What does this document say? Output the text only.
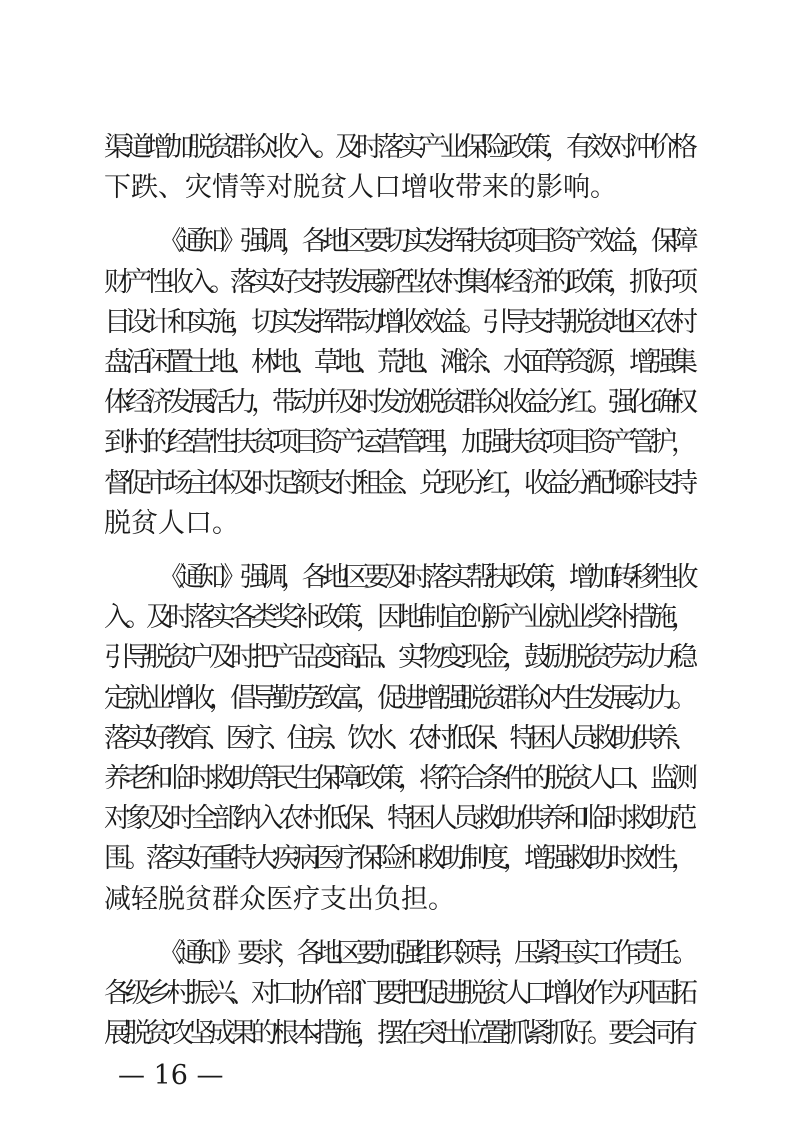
渠道增加脱贫群众收入。及时落实产业保险政策，有效对冲价格
下跌、灾情等对脱贫人口增收带来的影响。
《通知》强调，各地区要切实发挥扶贫项目资产效益，保障
财产性收入。落实好支持发展新型农村集体经济的政策，抓好项
目设计和实施，切实发挥带动增收效益。引导支持脱贫地区农村
盘活闲置土地、林地、草地、荒地、滩涂、水面等资源，增强集
体经济发展活力，带动并及时发放脱贫群众收益分红。强化确权
到村的经营性扶贫项目资产运营管理，加强扶贫项目资产管护，
督促市场主体及时足额支付租金、兑现分红，收益分配倾斜支持
脱贫人口。
《通知》强调，各地区要及时落实帮扶政策，增加转移性收
入。及时落实各类奖补政策，因地制宜创新产业就业奖补措施，
引导脱贫户及时把产品变商品、实物变现金，鼓励脱贫劳动力稳
定就业增收，倡导勤劳致富，促进增强脱贫群众内生发展动力。
落实好教育、医疗、住房、饮水、农村低保、特困人员救助供养、
养老和临时救助等民生保障政策，将符合条件的脱贫人口、监测
对象及时全部纳入农村低保、特困人员救助供养和临时救助范
围。落实好重特大疾病医疗保险和救助制度，增强救助时效性，
减轻脱贫群众医疗支出负担。
《通知》要求，各地区要加强组织领导，压紧压实工作责任。
各级乡村振兴、对口协作部门要把促进脱贫人口增收作为巩固拓
展脱贫攻坚成果的根本措施，摆在突出位置抓紧抓好。要会同有
— 16 —
